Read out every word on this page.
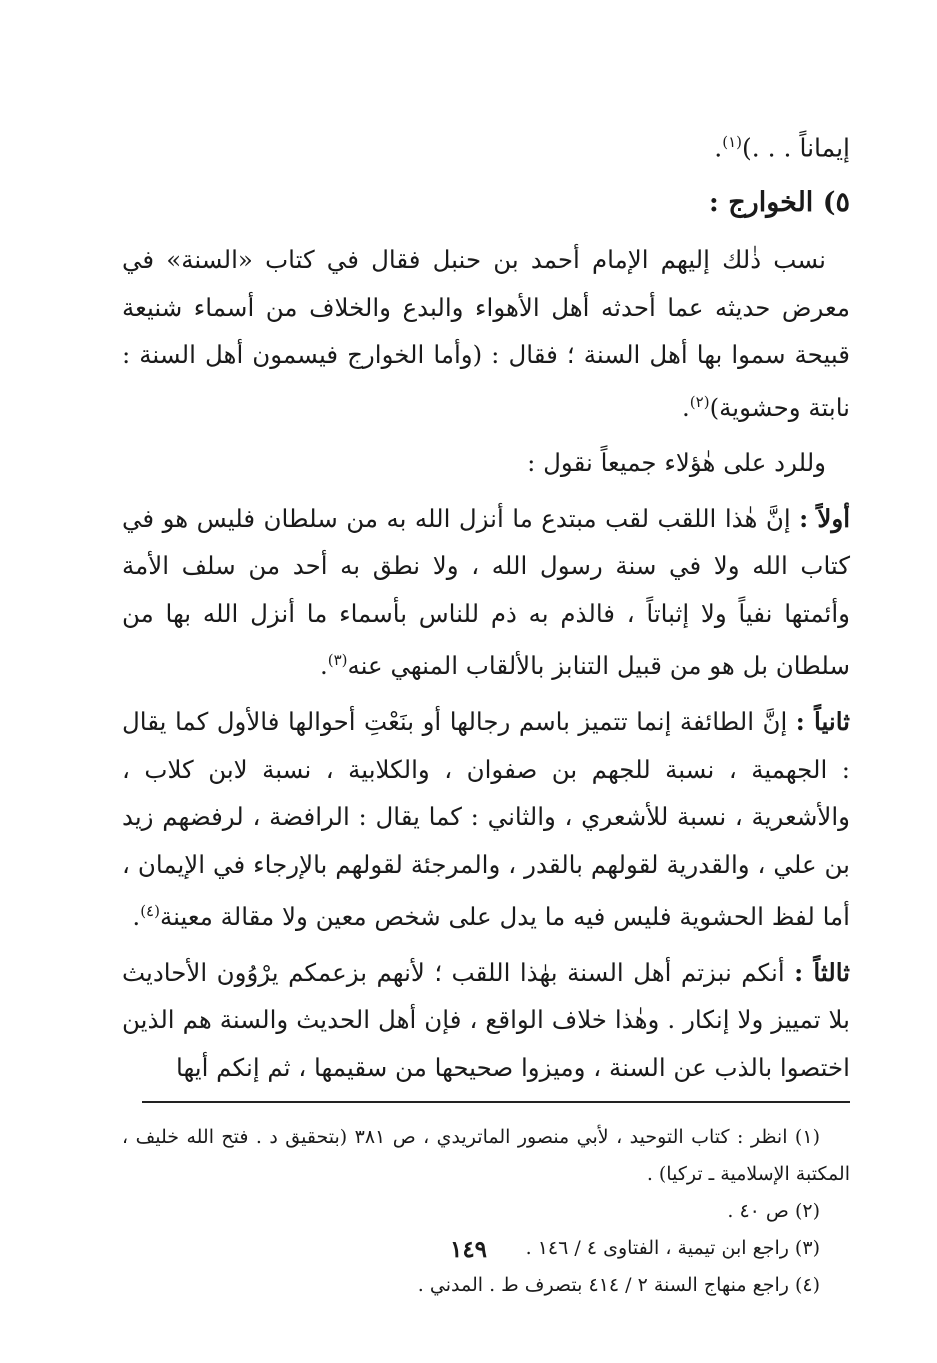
إيماناً . . .)$^{(١)}$.

٥) الخوارج :

نسب ذٰلك إليهم الإمام أحمد بن حنبل فقال في كتاب «السنة» في معرض حديثه عما أحدثه أهل الأهواء والبدع والخلاف من أسماء شنيعة قبيحة سموا بها أهل السنة ؛ فقال : (وأما الخوارج فيسمون أهل السنة : نابتة وحشوية)$^{(٢)}$.

وللرد على هٰؤلاء جميعاً نقول :

أولاً : إنَّ هٰذا اللقب لقب مبتدع ما أنزل الله به من سلطان فليس هو في كتاب الله ولا في سنة رسول الله ، ولا نطق به أحد من سلف الأمة وأئمتها نفياً ولا إثباتاً ، فالذم به ذم للناس بأسماء ما أنزل الله بها من سلطان بل هو من قبيل التنابز بالألقاب المنهي عنه$^{(٣)}$.

ثانياً : إنَّ الطائفة إنما تتميز باسم رجالها أو بنَعْتِ أحوالها فالأول كما يقال : الجهمية ، نسبة للجهم بن صفوان ، والكلابية ، نسبة لابن كلاب ، والأشعرية ، نسبة للأشعري ، والثاني : كما يقال : الرافضة ، لرفضهم زيد بن علي ، والقدرية لقولهم بالقدر ، والمرجئة لقولهم بالإرجاء في الإيمان ، أما لفظ الحشوية فليس فيه ما يدل على شخص معين ولا مقالة معينة$^{(٤)}$.

ثالثاً : أنكم نبزتم أهل السنة بهٰذا اللقب ؛ لأنهم بزعمكم يرْوُون الأحاديث بلا تمييز ولا إنكار . وهٰذا خلاف الواقع ، فإن أهل الحديث والسنة هم الذين اختصوا بالذب عن السنة ، وميزوا صحيحها من سقيمها ، ثم إنكم أيها

(١) انظر : كتاب التوحيد ، لأبي منصور الماتريدي ، ص ٣٨١ (بتحقيق د . فتح الله خليف ، المكتبة الإسلامية ـ تركيا) .

(٢) ص ٤٠ .

(٣) راجع ابن تيمية ، الفتاوى ٤ / ١٤٦ .

(٤) راجع منهاج السنة ٢ / ٤١٤ بتصرف ط . المدني .

١٤٩
